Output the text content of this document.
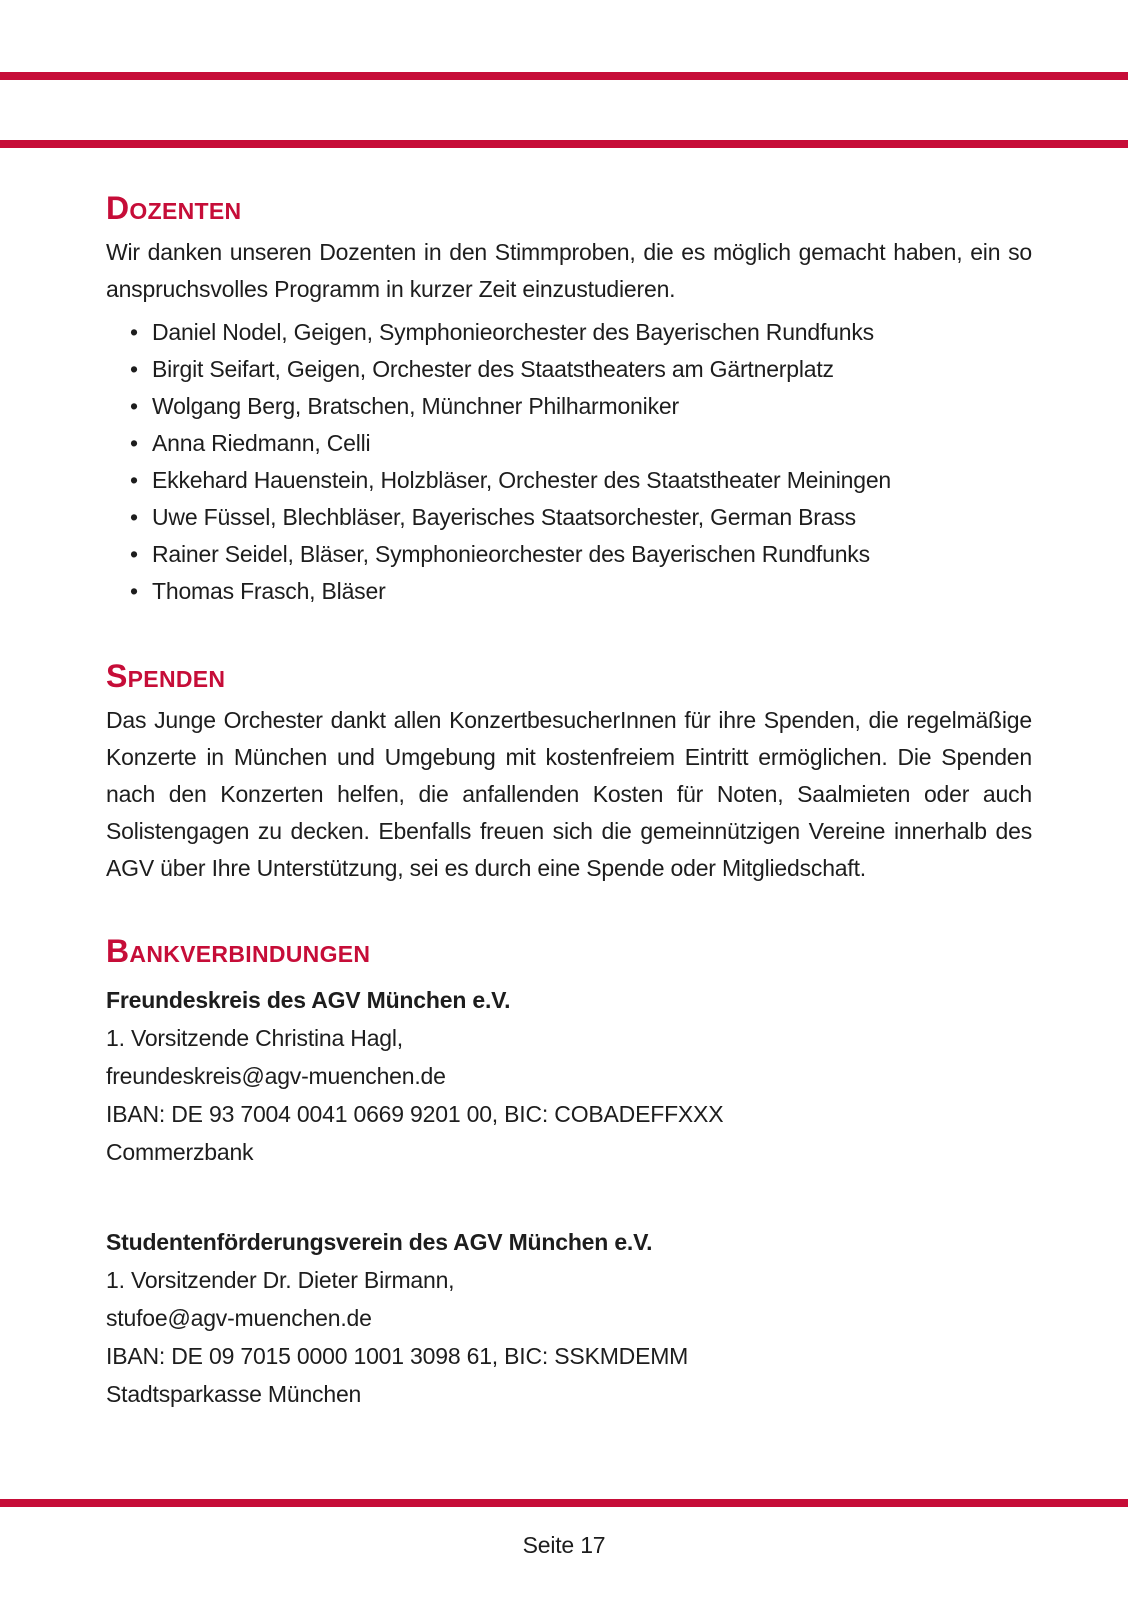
DOZENTEN

Wir danken unseren Dozenten in den Stimmproben, die es möglich gemacht haben, ein so anspruchsvolles Programm in kurzer Zeit einzustudieren.

• Daniel Nodel, Geigen, Symphonieorchester des Bayerischen Rundfunks
• Birgit Seifart, Geigen, Orchester des Staatstheaters am Gärtnerplatz
• Wolgang Berg, Bratschen, Münchner Philharmoniker
• Anna Riedmann, Celli
• Ekkehard Hauenstein, Holzbläser, Orchester des Staatstheater Meiningen
• Uwe Füssel, Blechbläser, Bayerisches Staatsorchester, German Brass
• Rainer Seidel, Bläser, Symphonieorchester des Bayerischen Rundfunks
• Thomas Frasch, Bläser
SPENDEN

Das Junge Orchester dankt allen KonzertbesucherInnen für ihre Spenden, die regelmäßige Konzerte in München und Umgebung mit kostenfreiem Eintritt ermöglichen. Die Spenden nach den Konzerten helfen, die anfallenden Kosten für Noten, Saalmieten oder auch Solistengagen zu decken. Ebenfalls freuen sich die gemeinnützigen Vereine innerhalb des AGV über Ihre Unterstützung, sei es durch eine Spende oder Mitgliedschaft.

BANKVERBINDUNGEN
Freundeskreis des AGV München e.V.
1. Vorsitzende Christina Hagl,
freundeskreis@agv-muenchen.de
IBAN: DE 93 7004 0041 0669 9201 00, BIC: COBADEFFXXX
Commerzbank
Studentenförderungsverein des AGV München e.V.
1. Vorsitzender Dr. Dieter Birmann,
stufoe@agv-muenchen.de
IBAN: DE 09 7015 0000 1001 3098 61, BIC: SSKMDEMM
Stadtsparkasse München
Seite 17
